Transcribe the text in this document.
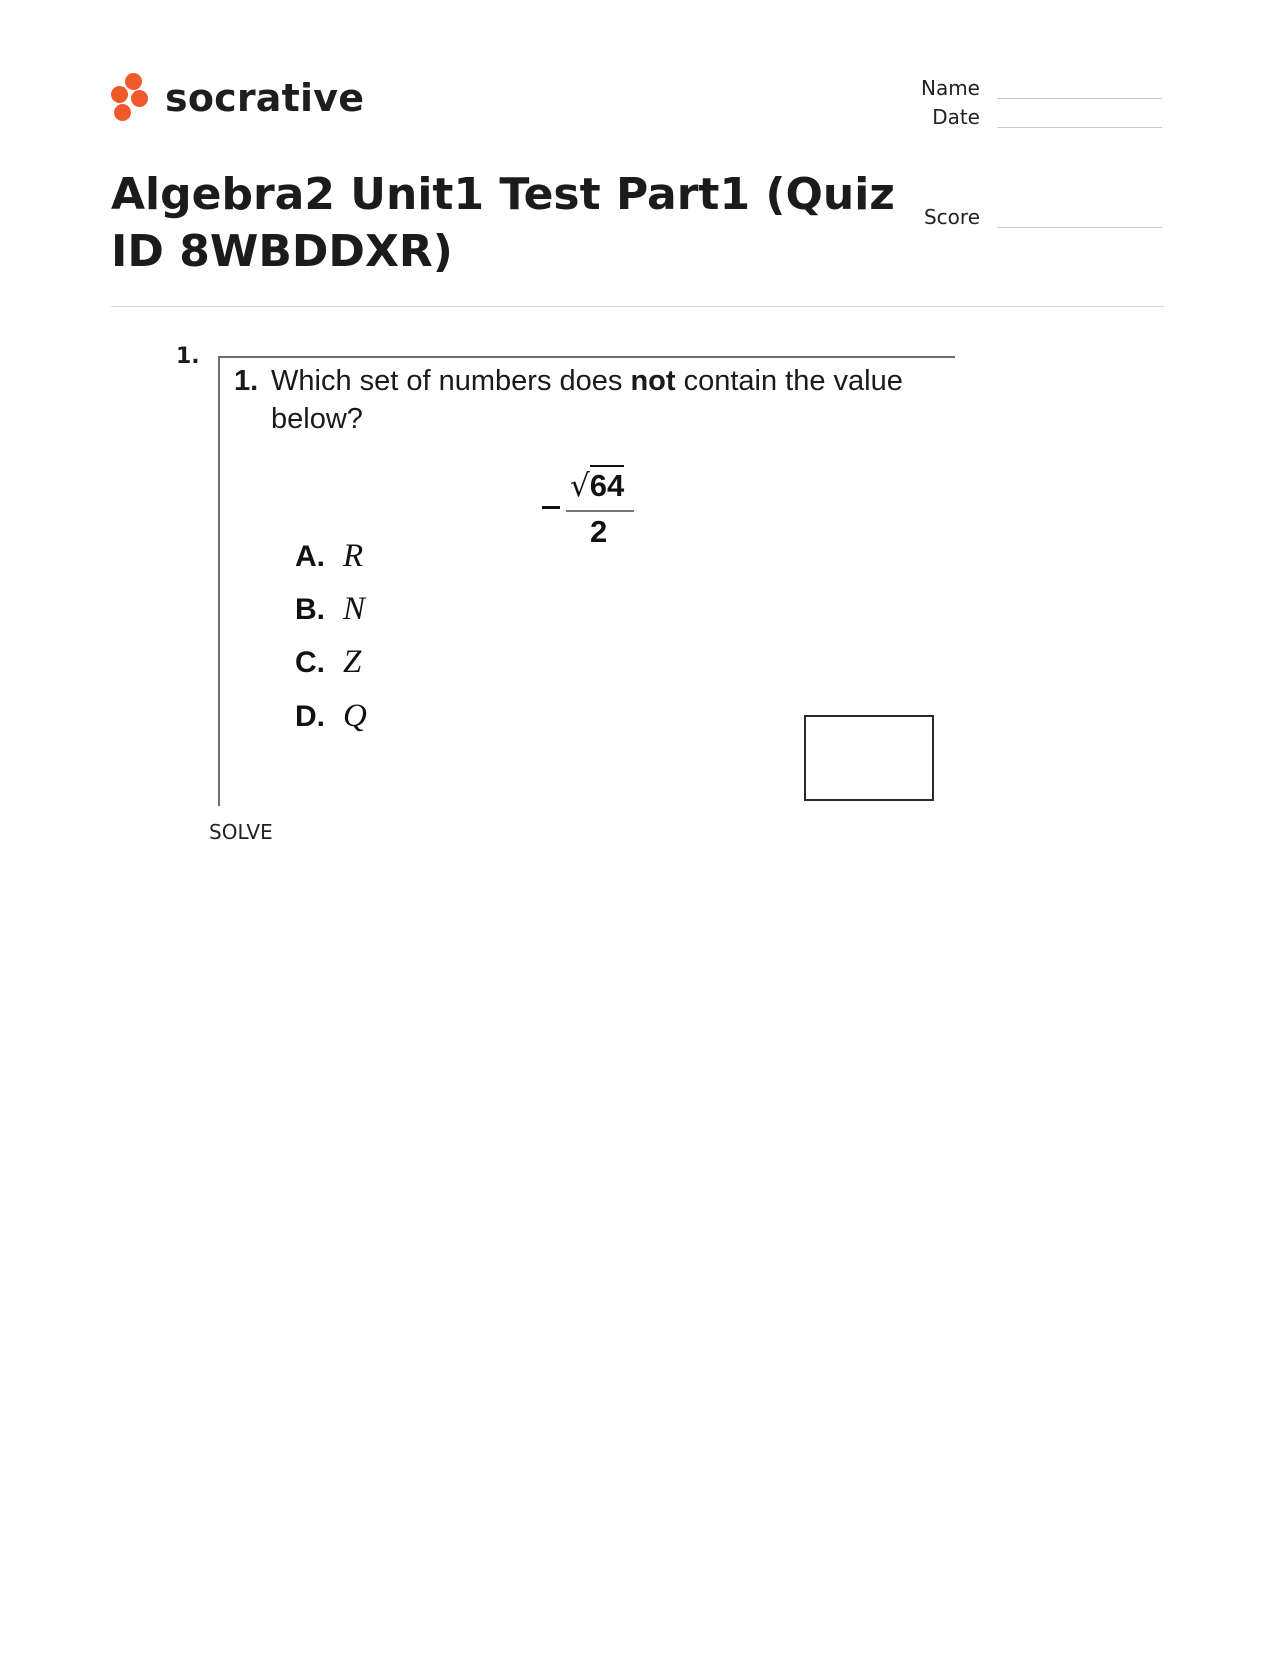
socrative	Name
Date
Score
Algebra2 Unit1 Test Part1 (Quiz ID 8WBDDXR)
1.
1. Which set of numbers does not contain the value
below?
√64
2
A. R
B. N
C. Z
D. Q
SOLVE
